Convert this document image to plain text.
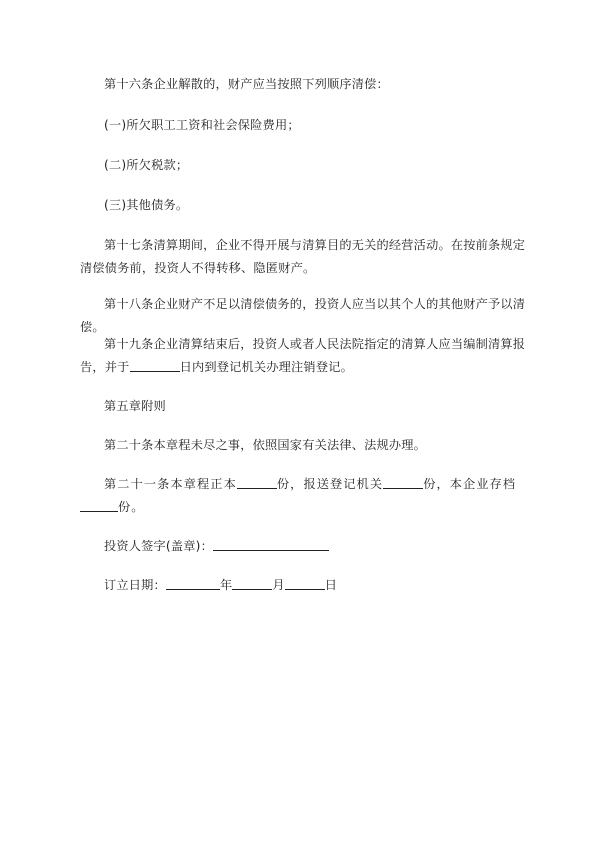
第十六条企业解散的，财产应当按照下列顺序清偿：

(一)所欠职工工资和社会保险费用；

(二)所欠税款；

(三)其他债务。

第十七条清算期间，企业不得开展与清算目的无关的经营活动。在按前条规定清偿债务前，投资人不得转移、隐匿财产。

第十八条企业财产不足以清偿债务的，投资人应当以其个人的其他财产予以清偿。

第十九条企业清算结束后，投资人或者人民法院指定的清算人应当编制清算报告，并于	日内到登记机关办理注销登记。

第五章附则

第二十条本章程未尽之事，依照国家有关法律、法规办理。

第二十一条本章程正本	份，报送登记机关	份，本企业存档份。

投资人签字(盖章)：

订立日期：	年	月	日
